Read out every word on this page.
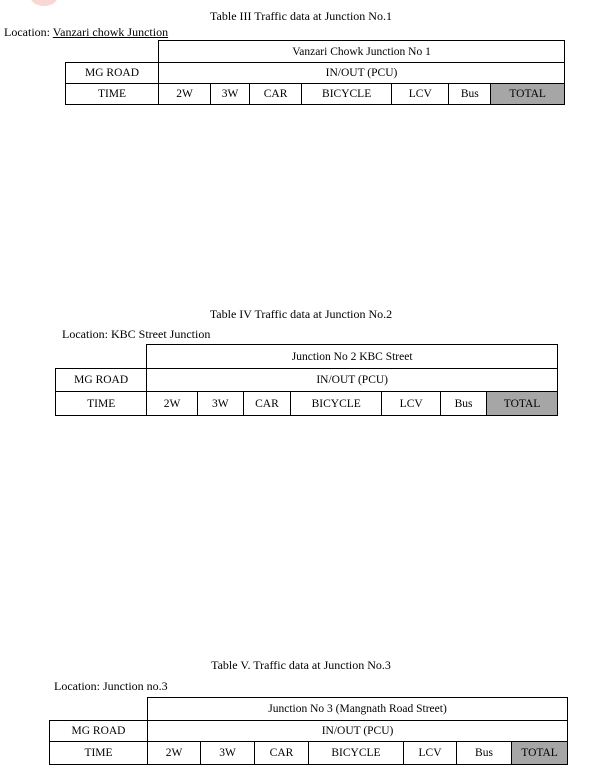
Table III Traffic data at Junction No.1
Location: Vanzari chowk Junction
	Vanzari Chowk Junction No 1						
MG ROAD	IN/OUT (PCU)						
TIME	2W	3W	CAR	BICYCLE	LCV	Bus	TOTAL
Table IV Traffic data at Junction No.2
Location: KBC Street Junction
	Junction No 2 KBC Street						
MG ROAD	IN/OUT (PCU)						
TIME	2W	3W	CAR	BICYCLE	LCV	Bus	TOTAL
Table V. Traffic data at Junction No.3
Location: Junction no.3
	Junction No 3 (Mangnath Road Street)						
MG ROAD	IN/OUT (PCU)						
TIME	2W	3W	CAR	BICYCLE	LCV	Bus	TOTAL
